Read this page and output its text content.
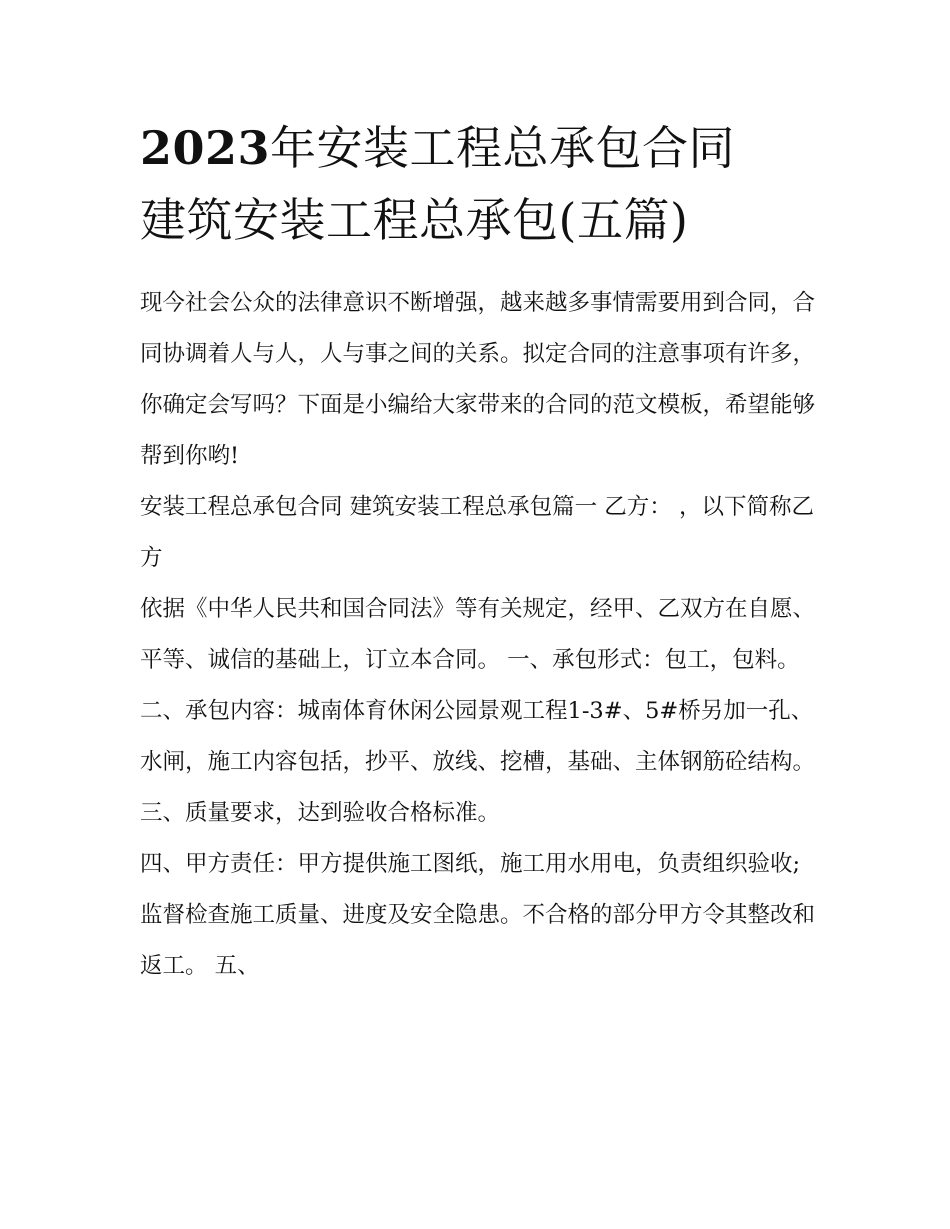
2023年安装工程总承包合同
建筑安装工程总承包(五篇)

现今社会公众的法律意识不断增强，越来越多事情需要用到合同，合同协调着人与人，人与事之间的关系。拟定合同的注意事项有许多，你确定会写吗？下面是小编给大家带来的合同的范文模板，希望能够帮到你哟!

安装工程总承包合同 建筑安装工程总承包篇一 乙方： ，以下简称乙方

依据《中华人民共和国合同法》等有关规定，经甲、乙双方在自愿、平等、诚信的基础上，订立本合同。 一、承包形式：包工，包料。

二、承包内容：城南体育休闲公园景观工程1-3#、5#桥另加一孔、水闸，施工内容包括，抄平、放线、挖槽，基础、主体钢筋砼结构。

三、质量要求，达到验收合格标准。

四、甲方责任：甲方提供施工图纸，施工用水用电，负责组织验收;监督检查施工质量、进度及安全隐患。不合格的部分甲方令其整改和返工。 五、
